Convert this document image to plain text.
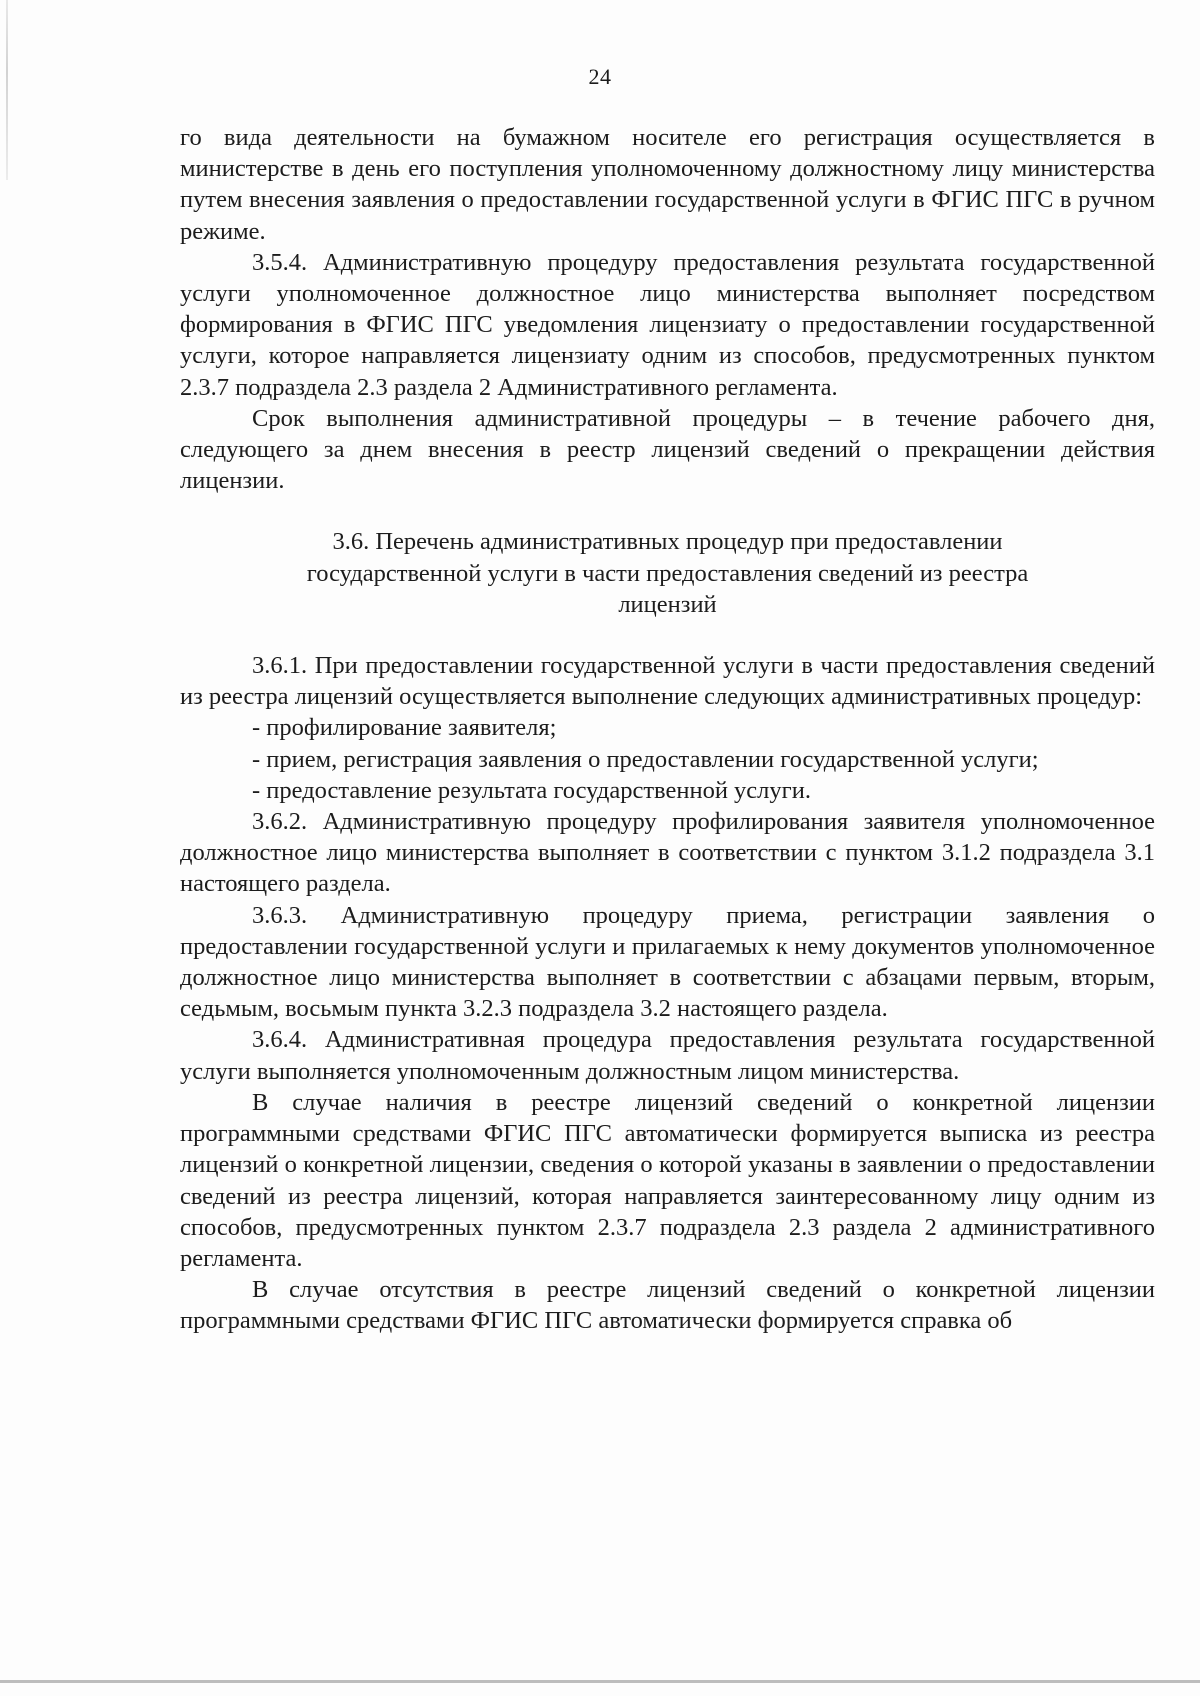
24

го вида деятельности на бумажном носителе его регистрация осуществляется в министерстве в день его поступления уполномоченному должностному лицу министерства путем внесения заявления о предоставлении государственной услуги в ФГИС ПГС в ручном режиме.

3.5.4. Административную процедуру предоставления результата государственной услуги уполномоченное должностное лицо министерства выполняет посредством формирования в ФГИС ПГС уведомления лицензиату о предоставлении государственной услуги, которое направляется лицензиату одним из способов, предусмотренных пунктом 2.3.7 подраздела 2.3 раздела 2 Административного регламента.

Срок выполнения административной процедуры – в течение рабочего дня, следующего за днем внесения в реестр лицензий сведений о прекращении действия лицензии.

3.6. Перечень административных процедур при предоставлении государственной услуги в части предоставления сведений из реестра лицензий

3.6.1. При предоставлении государственной услуги в части предоставления сведений из реестра лицензий осуществляется выполнение следующих административных процедур:

- профилирование заявителя;

- прием, регистрация заявления о предоставлении государственной услуги;

- предоставление результата государственной услуги.

3.6.2. Административную процедуру профилирования заявителя уполномоченное должностное лицо министерства выполняет в соответствии с пунктом 3.1.2 подраздела 3.1 настоящего раздела.

3.6.3. Административную процедуру приема, регистрации заявления о предоставлении государственной услуги и прилагаемых к нему документов уполномоченное должностное лицо министерства выполняет в соответствии с абзацами первым, вторым, седьмым, восьмым пункта 3.2.3 подраздела 3.2 настоящего раздела.

3.6.4. Административная процедура предоставления результата государственной услуги выполняется уполномоченным должностным лицом министерства.

В случае наличия в реестре лицензий сведений о конкретной лицензии программными средствами ФГИС ПГС автоматически формируется выписка из реестра лицензий о конкретной лицензии, сведения о которой указаны в заявлении о предоставлении сведений из реестра лицензий, которая направляется заинтересованному лицу одним из способов, предусмотренных пунктом 2.3.7 подраздела 2.3 раздела 2 административного регламента.

В случае отсутствия в реестре лицензий сведений о конкретной лицензии программными средствами ФГИС ПГС автоматически формируется справка об
